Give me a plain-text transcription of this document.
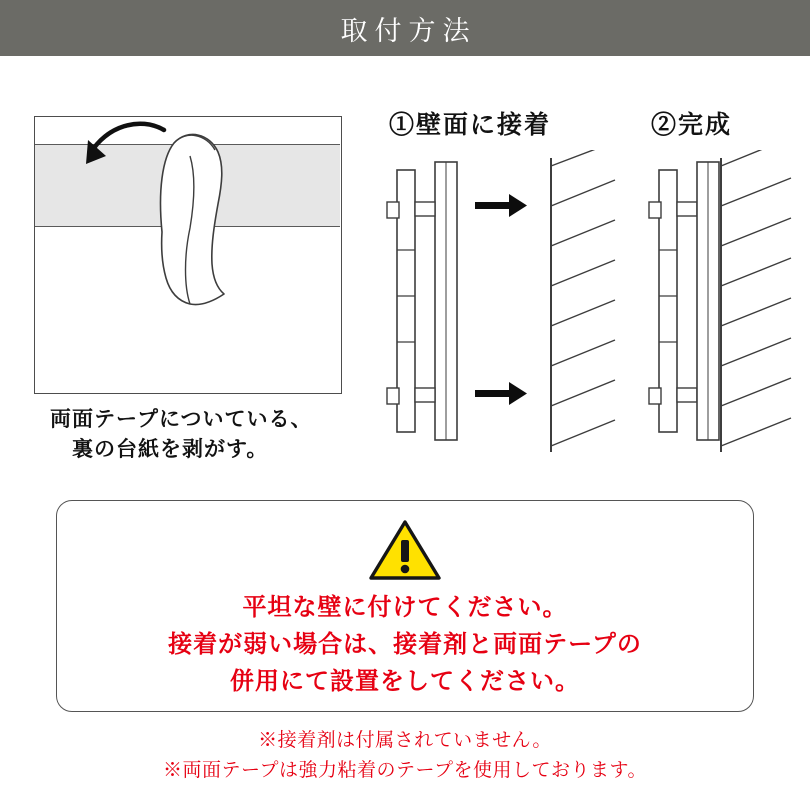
取付方法
①壁面に接着	②完成
両面テープについている、
裏の台紙を剥がす。
平坦な壁に付けてください。
接着が弱い場合は、接着剤と両面テープの
併用にて設置をしてください。
※接着剤は付属されていません。
※両面テープは強力粘着のテープを使用しております。
